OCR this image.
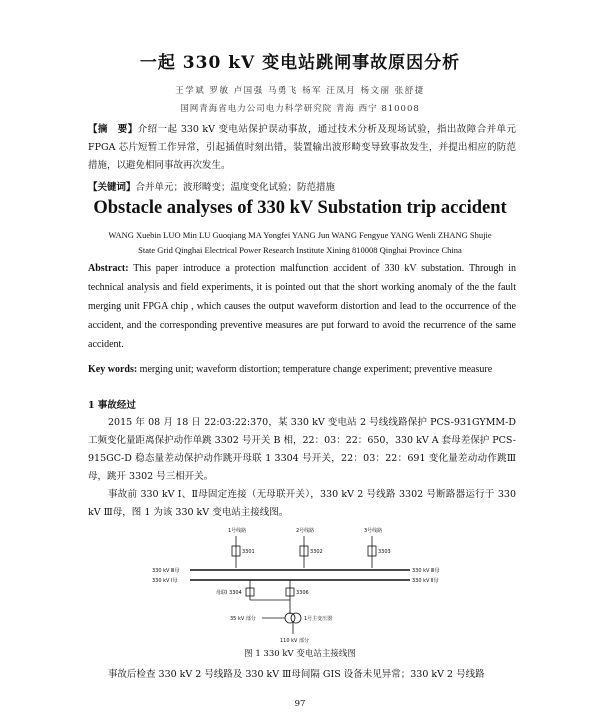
一起 330 kV 变电站跳闸事故原因分析
王学斌 罗敏 卢国强 马勇飞 杨军 汪凤月 杨文丽 张舒捷
国网青海省电力公司电力科学研究院 青海 西宁 810008
【摘　要】介绍一起 330 kV 变电站保护误动事故，通过技术分析及现场试验，指出故障合并单元 FPGA 芯片短暂工作异常，引起插值时刻出错，装置输出波形畸变导致事故发生，并提出相应的防范措施，以避免相同事故再次发生。
【关键词】合并单元；波形畸变；温度变化试验；防范措施
Obstacle analyses of 330 kV Substation trip accident
WANG Xuebin LUO Min LU Guoqiang MA Yongfei YANG Jun WANG Fengyue YANG Wenli ZHANG Shujie
State Grid Qinghai Electrical Power Research Institute Xining 810008 Qinghai Province China
Abstract: This paper introduce a protection malfunction accident of 330 kV substation. Through in technical analysis and field experiments, it is pointed out that the short working anomaly of the the fault merging unit FPGA chip , which causes the output waveform distortion and lead to the occurrence of the accident, and the corresponding preventive measures are put forward to avoid the recurrence of the same accident.
Key words: merging unit; waveform distortion; temperature change experiment; preventive measure
1 事故经过
2015 年 08 月 18 日 22:03:22:370，某 330 kV 变电站 2 号线线路保护 PCS-931GYMM-D 工频变化量距离保护动作单跳 3302 号开关 B 相，22：03：22：650，330 kV A 套母差保护 PCS-915GC-D 稳态量差动保护动作跳开母联 1 3304 号开关，22：03：22：691 变化量差动动作跳Ⅲ母，跳开 3302 号三相开关。
事故前 330 kV Ⅰ、Ⅱ母固定连接（无母联开关），330 kV 2 号线路 3302 号断路器运行于 330 kV Ⅲ母，图 1 为该 330 kV 变电站主接线图。
1号线路	2号线路	3号线路
3301	3302	3303
330 kV Ⅲ母
330 kV Ⅰ母
330 kV Ⅲ母
330 kV Ⅱ母
母联Ⅰ 3304	3306
1号主变压器
35 kV 部分
110 kV 部分
图 1 330 kV 变电站主接线图
事故后检查 330 kV 2 号线路及 330 kV Ⅲ母间隔 GIS 设备未见异常；330 kV 2 号线路
97
